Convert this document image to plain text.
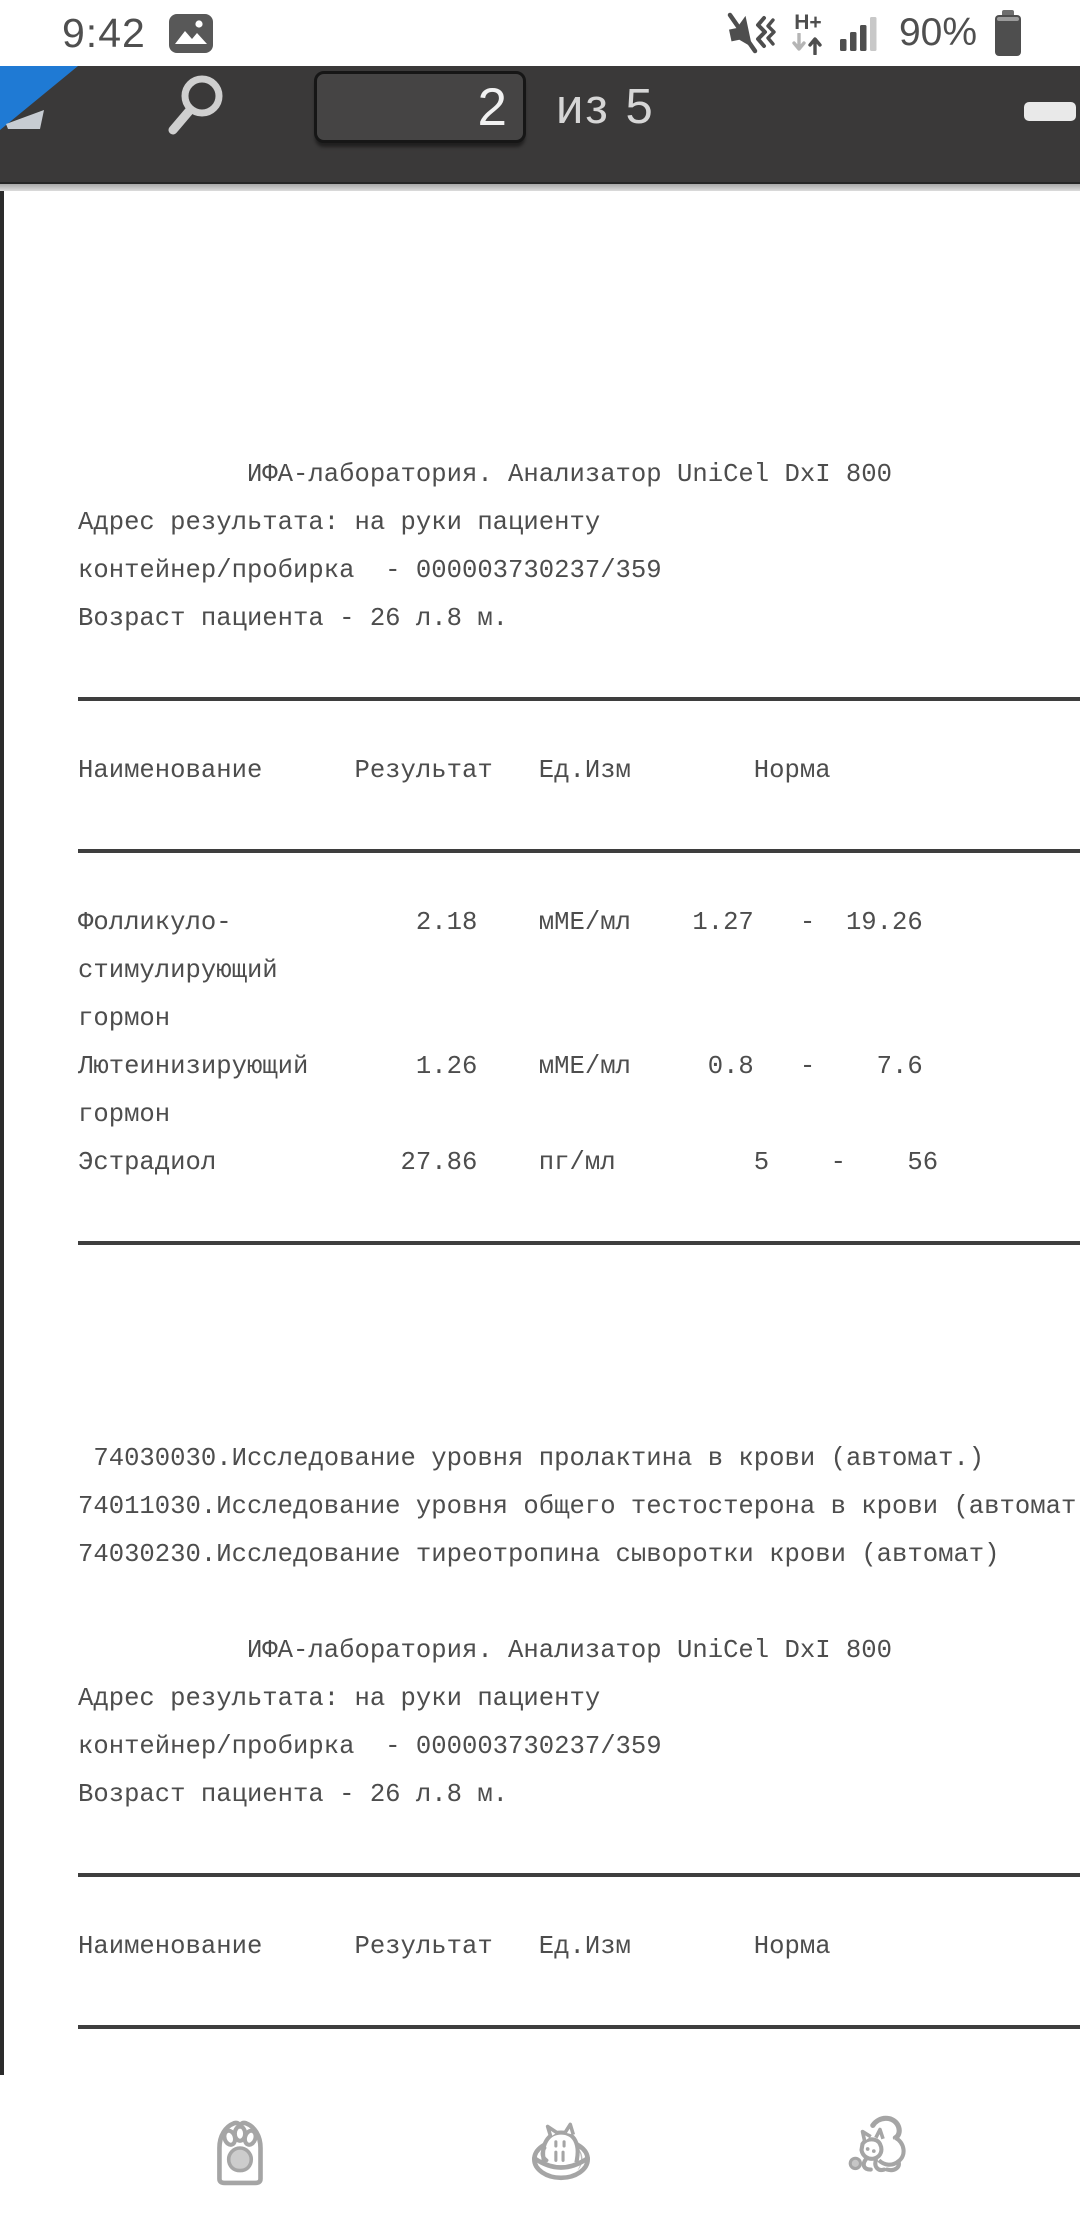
9:42	H+ 90%
2 из 5
ИФА-лаборатория. Анализатор UniCel DxI 800
Адрес результата: на руки пациенту
контейнер/пробирка  - 000003730237/359
Возраст пациента - 26 л.8 м.
Наименование      Результат   Ед.Изм        Норма
Фолликуло-            2.18    мМЕ/мл    1.27   -  19.26
стимулирующий
гормон
Лютеинизирующий       1.26    мМЕ/мл     0.8   -    7.6
гормон
Эстрадиол            27.86    пг/мл         5    -    56
74030030.Исследование уровня пролактина в крови (автомат.)
74011030.Исследование уровня общего тестостерона в крови (автомат
74030230.Исследование тиреотропина сыворотки крови (автомат)
ИФА-лаборатория. Анализатор UniCel DxI 800
Адрес результата: на руки пациенту
контейнер/пробирка  - 000003730237/359
Возраст пациента - 26 л.8 м.
Наименование      Результат   Ед.Изм        Норма
